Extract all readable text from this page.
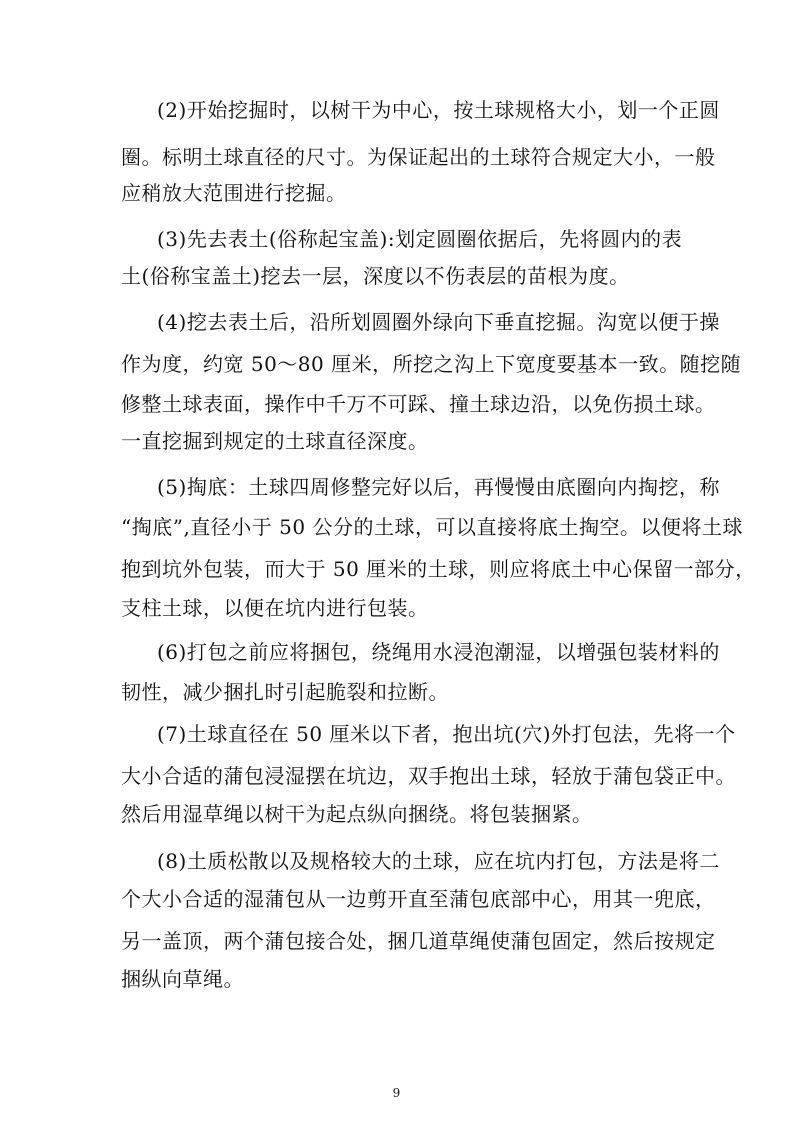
(2)开始挖掘时，以树干为中心，按土球规格大小，划一个正圆
圈。标明土球直径的尺寸。为保证起出的土球符合规定大小，一般
应稍放大范围进行挖掘。
(3)先去表土(俗称起宝盖):划定圆圈依据后，先将圆内的表
土(俗称宝盖土)挖去一层，深度以不伤表层的苗根为度。
(4)挖去表土后，沿所划圆圈外绿向下垂直挖掘。沟宽以便于操
作为度，约宽 50～80 厘米，所挖之沟上下宽度要基本一致。随挖随
修整土球表面，操作中千万不可踩、撞土球边沿，以免伤损土球。
一直挖掘到规定的土球直径深度。
(5)掏底：土球四周修整完好以后，再慢慢由底圈向内掏挖，称
“掏底”,直径小于 50 公分的土球，可以直接将底土掏空。以便将土球
抱到坑外包装，而大于 50 厘米的土球，则应将底土中心保留一部分，
支柱土球，以便在坑内进行包装。
(6)打包之前应将捆包，绕绳用水浸泡潮湿，以增强包装材料的
韧性，减少捆扎时引起脆裂和拉断。
(7)土球直径在 50 厘米以下者，抱出坑(穴)外打包法，先将一个
大小合适的蒲包浸湿摆在坑边，双手抱出土球，轻放于蒲包袋正中。
然后用湿草绳以树干为起点纵向捆绕。将包装捆紧。
(8)土质松散以及规格较大的土球，应在坑内打包，方法是将二
个大小合适的湿蒲包从一边剪开直至蒲包底部中心，用其一兜底，
另一盖顶，两个蒲包接合处，捆几道草绳使蒲包固定，然后按规定
捆纵向草绳。
9
